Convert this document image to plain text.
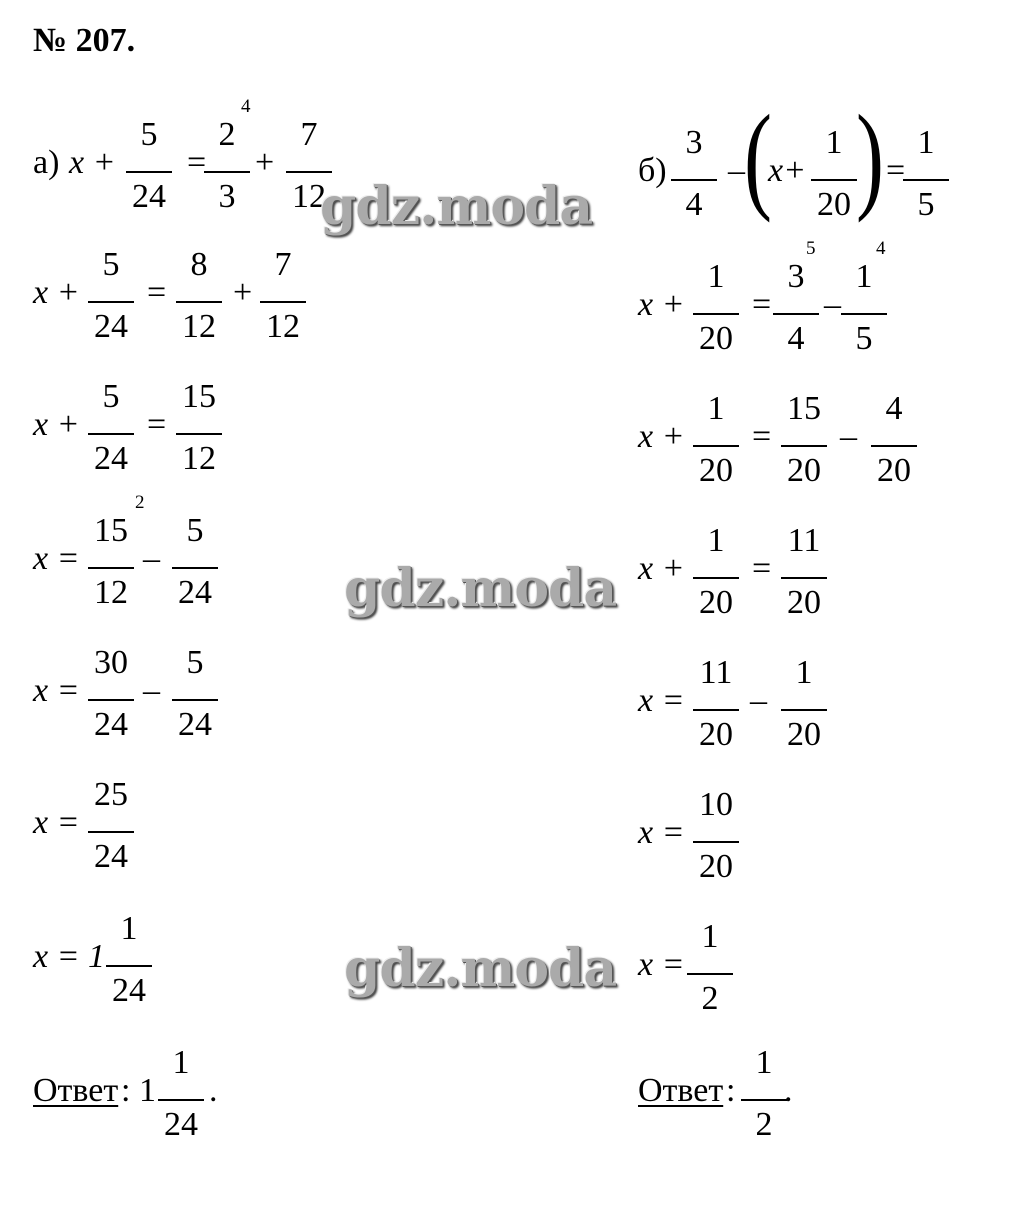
№ 207.
а) x +
5
24
=
2
3
4
+
7
12
x +
5
24
=
8
12
+
7
12
x +
5
24
=
15
12
x =
15
12
2
–
5
24
x =
30
24
–
5
24
x =
25
24
x = 1
1
24
Ответ : 1
1
24
.
б)
3
4
–
(
x+
1
20 ) =
1
5
x +
1
20
=
3
4
5
–
1
5
4
x +
1
20
=
15
20
–
4
20
x +
1
20
=
11
20
x =
11
20
–
1
20
x =
10
20
x =
1
2
Ответ :
1
2
.
gdz.moda
gdz.moda
gdz.moda
